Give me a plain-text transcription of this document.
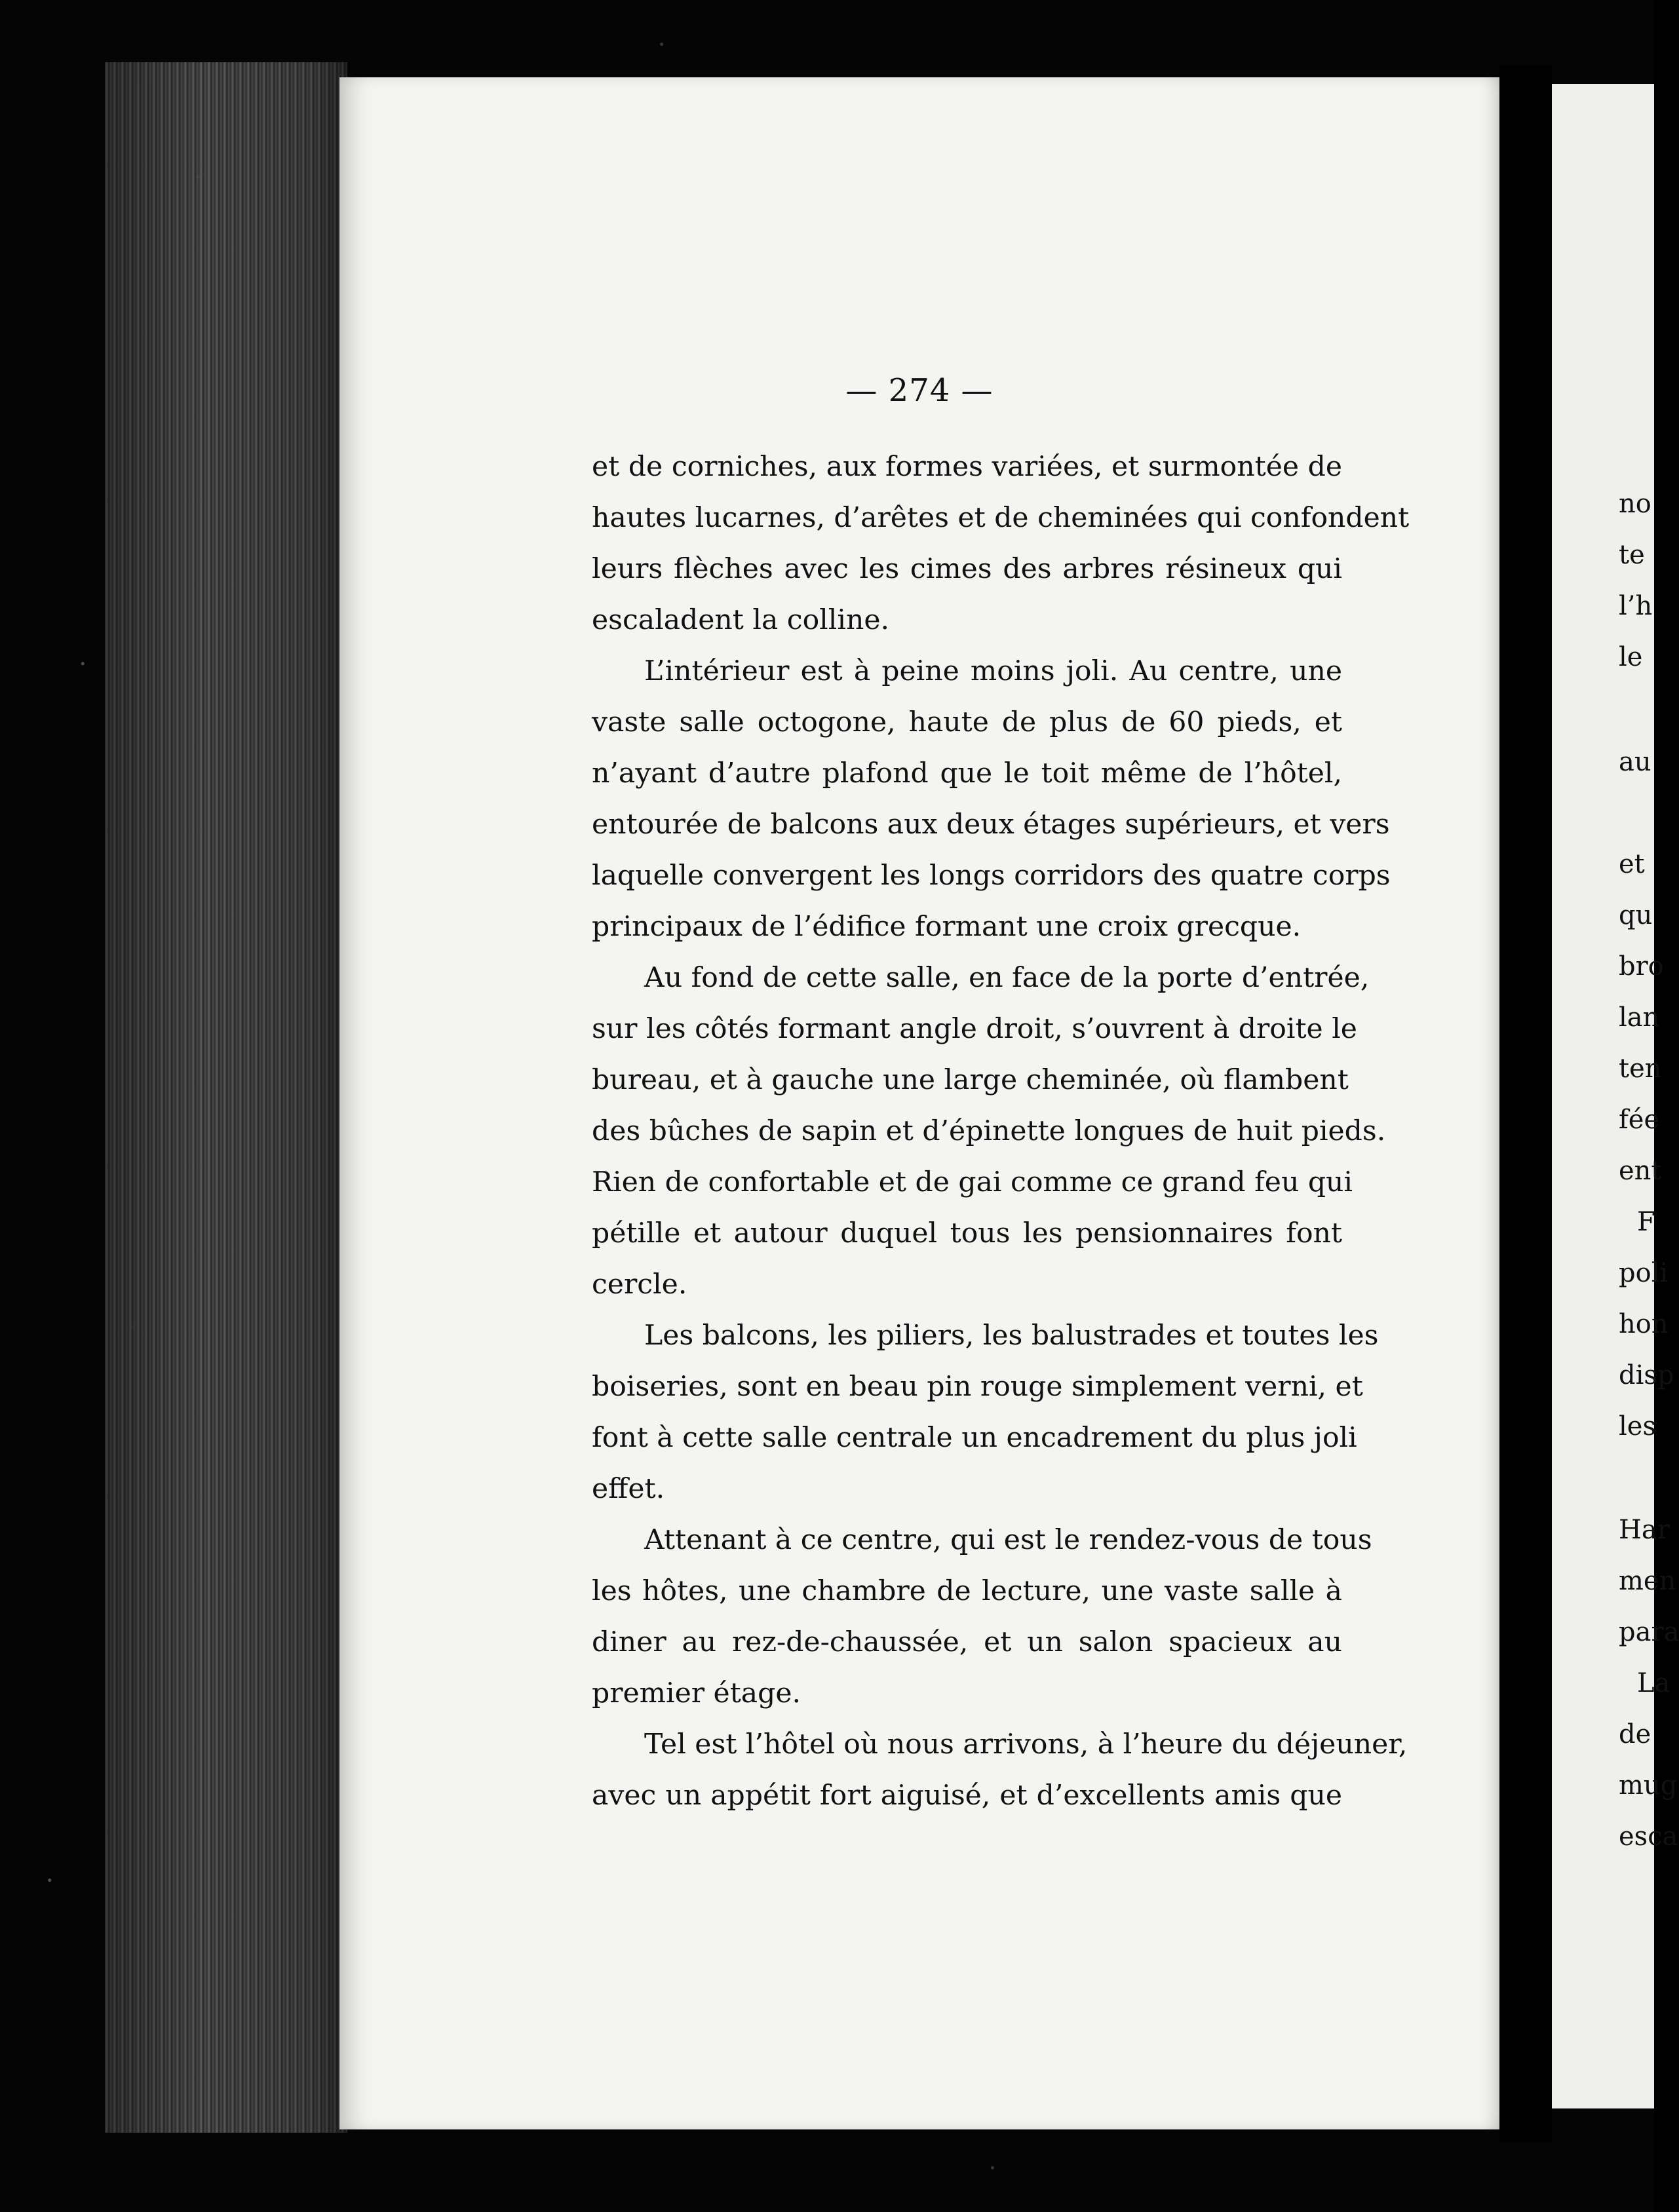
— 274 —
et de corniches, aux formes variées, et surmontée de
hautes lucarnes, d’arêtes et de cheminées qui confondent
leurs flèches avec les cimes des arbres résineux qui
escaladent la colline.
L’intérieur est à peine moins joli. Au centre, une
vaste salle octogone, haute de plus de 60 pieds, et
n’ayant d’autre plafond que le toit même de l’hôtel,
entourée de balcons aux deux étages supérieurs, et vers
laquelle convergent les longs corridors des quatre corps
principaux de l’édifice formant une croix grecque.
Au fond de cette salle, en face de la porte d’entrée,
sur les côtés formant angle droit, s’ouvrent à droite le
bureau, et à gauche une large cheminée, où flambent
des bûches de sapin et d’épinette longues de huit pieds.
Rien de confortable et de gai comme ce grand feu qui
pétille et autour duquel tous les pensionnaires font
cercle.
Les balcons, les piliers, les balustrades et toutes les
boiseries, sont en beau pin rouge simplement verni, et
font à cette salle centrale un encadrement du plus joli
effet.
Attenant à ce centre, qui est le rendez-vous de tous
les hôtes, une chambre de lecture, une vaste salle à
diner au rez-de-chaussée, et un salon spacieux au
premier étage.
Tel est l’hôtel où nous arrivons, à l’heure du déjeuner,
avec un appétit fort aiguisé, et d’excellents amis que
no
te
l’h
le
au
et
qu
bro
lan
ten
fée
ent
F
poli
hon
disp
les
Har
men
para
La
de
mug
esca
